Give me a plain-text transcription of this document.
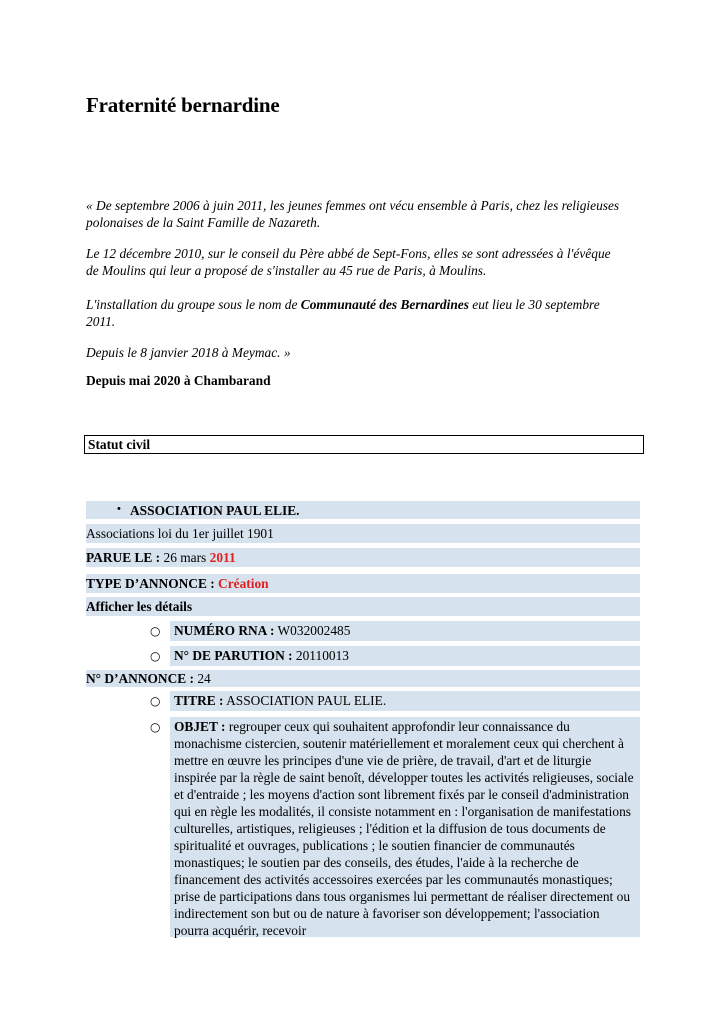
Fraternité bernardine
« De septembre 2006 à juin 2011, les jeunes femmes ont vécu ensemble à Paris, chez les religieuses polonaises de la Saint Famille de Nazareth.
Le 12 décembre 2010, sur le conseil du Père abbé de Sept-Fons, elles se sont adressées à l'évêque de Moulins qui leur a proposé de s'installer au 45 rue de Paris, à Moulins.
L'installation du groupe sous le nom de Communauté des Bernardines eut lieu le 30 septembre 2011.
Depuis le 8 janvier 2018 à Meymac. »
Depuis mai 2020 à Chambarand
Statut civil
• ASSOCIATION PAUL ELIE.
Associations loi du 1er juillet 1901
PARUE LE : 26 mars 2011
TYPE D’ANNONCE : Création
Afficher les détails
○ NUMÉRO RNA : W032002485
○ N° DE PARUTION : 20110013
N° D’ANNONCE : 24
○ TITRE : ASSOCIATION PAUL ELIE.
○ OBJET : regrouper ceux qui souhaitent approfondir leur connaissance du monachisme cistercien, soutenir matériellement et moralement ceux qui cherchent à mettre en œuvre les principes d'une vie de prière, de travail, d'art et de liturgie inspirée par la règle de saint benoît, développer toutes les activités religieuses, sociale et d'entraide ; les moyens d'action sont librement fixés par le conseil d'administration qui en règle les modalités, il consiste notamment en : l'organisation de manifestations culturelles, artistiques, religieuses ; l'édition et la diffusion de tous documents de spiritualité et ouvrages, publications ; le soutien financier de communautés monastiques; le soutien par des conseils, des études, l'aide à la recherche de financement des activités accessoires exercées par les communautés monastiques; prise de participations dans tous organismes lui permettant de réaliser directement ou indirectement son but ou de nature à favoriser son développement; l'association pourra acquérir, recevoir
